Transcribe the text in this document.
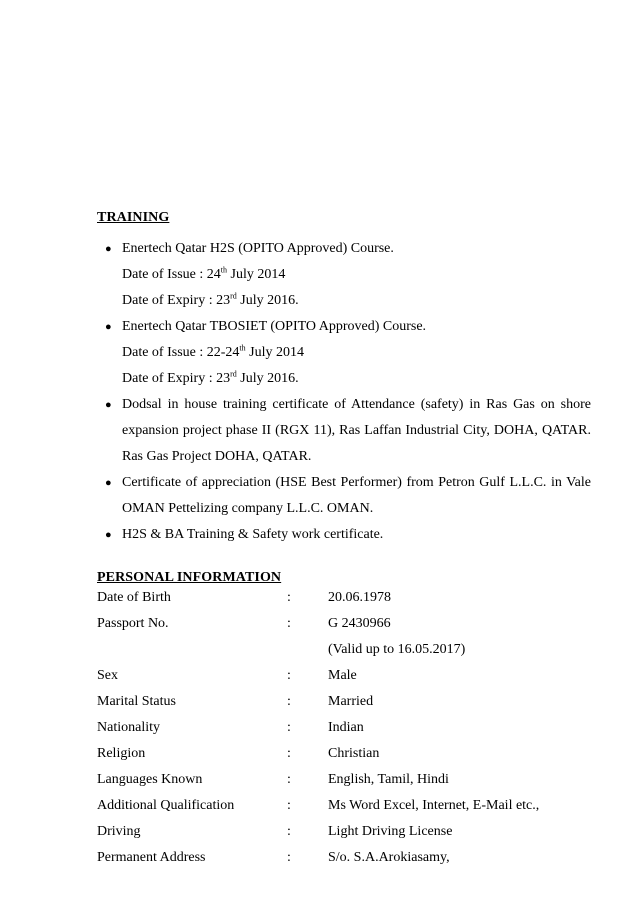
TRAINING
● Enertech Qatar H2S (OPITO Approved) Course.
Date of Issue : 24th July 2014
Date of Expiry : 23rd July 2016.
● Enertech Qatar TBOSIET (OPITO Approved) Course.
Date of Issue : 22-24th July 2014
Date of Expiry : 23rd July 2016.
● Dodsal in house training certificate of Attendance (safety) in Ras Gas on shore expansion project phase II (RGX 11), Ras Laffan Industrial City, DOHA, QATAR. Ras Gas Project DOHA, QATAR.
● Certificate of appreciation (HSE Best Performer) from Petron Gulf L.L.C. in Vale OMAN Pettelizing company L.L.C. OMAN.
● H2S & BA Training & Safety work certificate.
PERSONAL INFORMATION
Date of Birth	:	20.06.1978
Passport No.	:	G 2430966
(Valid up to 16.05.2017)
Sex	:	Male
Marital Status	:	Married
Nationality	:	Indian
Religion	:	Christian
Languages Known	:	English, Tamil, Hindi
Additional Qualification	:	Ms Word Excel, Internet, E-Mail etc.,
Driving	:	Light Driving License
Permanent Address	:	S/o. S.A.Arokiasamy,
